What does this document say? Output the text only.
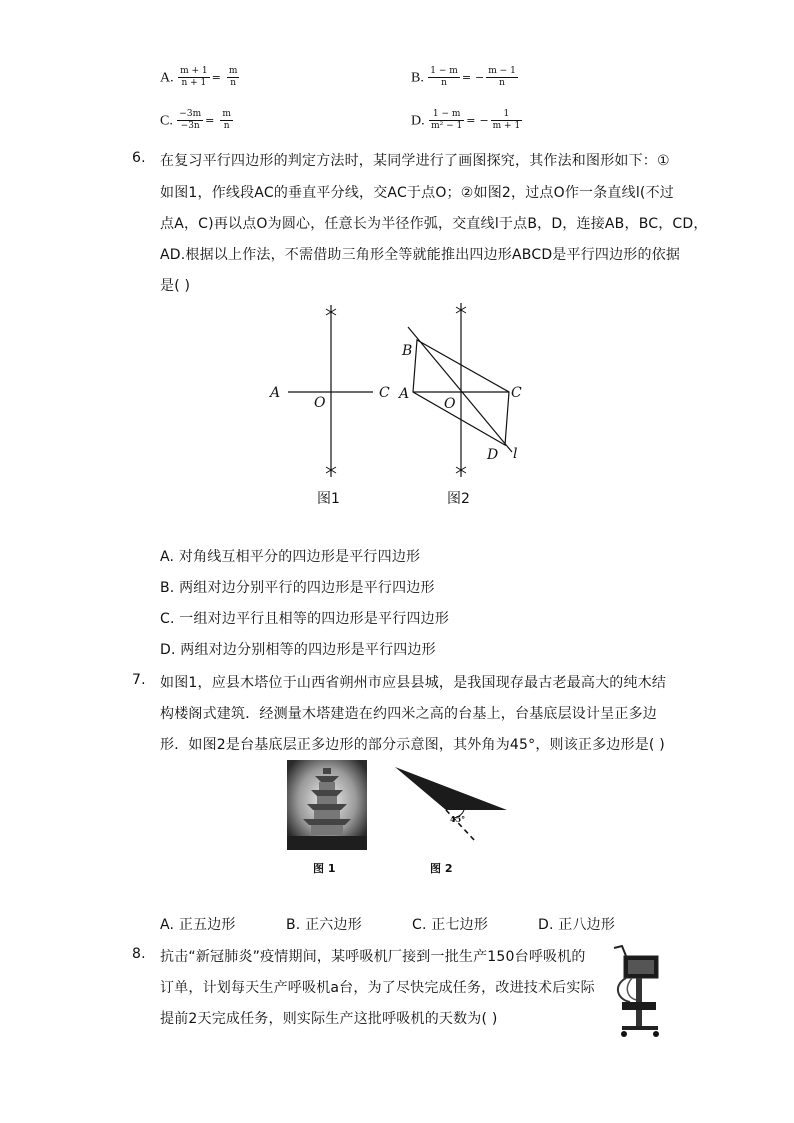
A. $\frac{m + 1}{n + 1} = \frac{m}{n}$	B. $\frac{1 - m}{n}$ = − $\frac{m - 1}{n}$
C. $\frac{-3m}{-3n} = \frac{m}{n}$	D. $\frac{1 - m}{\text{m² − 1}}$ = − $\frac{1}{m + 1}$
6. 在复习平行四边形的判定方法时，某同学进行了画图探究，其作法和图形如下：①
如图1，作线段AC的垂直平分线，交AC于点O；②如图2，过点O作一条直线l(不过
点A，C)再以点O为圆心，任意长为半径作弧，交直线l于点B，D，连接AB，BC，CD，
AD.根据以上作法，不需借助三角形全等就能推出四边形ABCD是平行四边形的依据
是( )
A
O
C
B
A
O
C
D l
图1	图2
A. 对角线互相平分的四边形是平行四边形
B. 两组对边分别平行的四边形是平行四边形
C. 一组对边平行且相等的四边形是平行四边形
D. 两组对边分别相等的四边形是平行四边形
7. 如图1，应县木塔位于山西省朔州市应县县城，是我国现存最古老最高大的纯木结
构楼阁式建筑．经测量木塔建造在约四米之高的台基上，台基底层设计呈正多边
形．如图2是台基底层正多边形的部分示意图，其外角为45°，则该正多边形是( )
图 1
45°
图 2
A. 正五边形	B. 正六边形	C. 正七边形	D. 正八边形
8. 抗击“新冠肺炎”疫情期间，某呼吸机厂接到一批生产150台呼吸机的
订单，计划每天生产呼吸机a台，为了尽快完成任务，改进技术后实际
提前2天完成任务，则实际生产这批呼吸机的天数为( )
